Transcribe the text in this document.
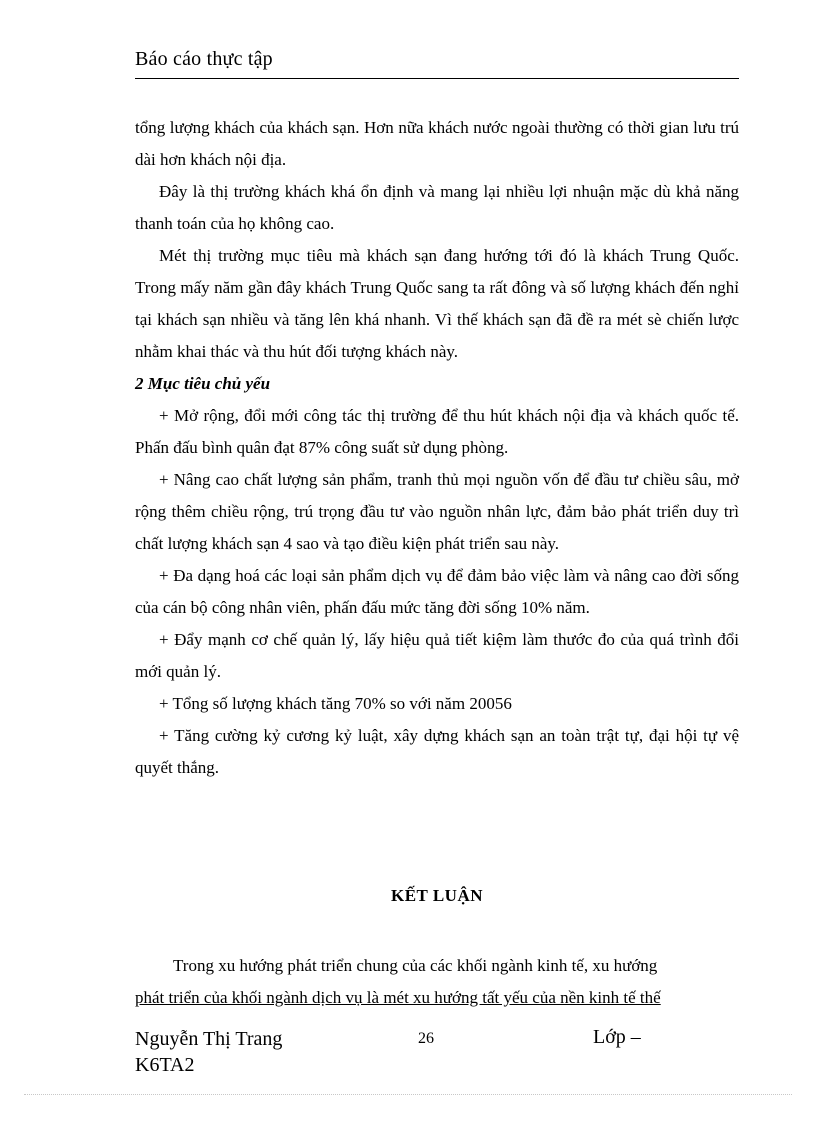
Báo cáo thực tập

tổng lượng khách của khách sạn. Hơn nữa khách nước ngoài thường có thời gian lưu trú dài hơn khách nội địa.

Đây là thị trường khách khá ổn định và mang lại nhiều lợi nhuận mặc dù khả năng thanh toán của họ không cao.

Mét thị trường mục tiêu mà khách sạn đang hướng tới đó là khách Trung Quốc. Trong mấy năm gần đây khách Trung Quốc sang ta rất đông và số lượng khách đến nghỉ tại khách sạn nhiều và tăng lên khá nhanh. Vì thế khách sạn đã đề ra mét sè chiến lược nhằm khai thác và thu hút đối tượng khách này.

2 Mục tiêu chủ yếu

+ Mở rộng, đổi mới công tác thị trường để thu hút khách nội địa và khách quốc tế. Phấn đấu bình quân đạt 87% công suất sử dụng phòng.

+ Nâng cao chất lượng sản phẩm, tranh thủ mọi nguồn vốn để đầu tư chiều sâu, mở rộng thêm chiều rộng, trú trọng đầu tư vào nguồn nhân lực, đảm bảo phát triển duy trì chất lượng khách sạn 4 sao và tạo điều kiện phát triển sau này.

+ Đa dạng hoá các loại sản phẩm dịch vụ để đảm bảo việc làm và nâng cao đời sống của cán bộ công nhân viên, phấn đấu mức tăng đời sống 10% năm.

+ Đẩy mạnh cơ chế quản lý, lấy hiệu quả tiết kiệm làm thước đo của quá trình đổi mới quản lý.

+ Tổng số lượng khách tăng 70% so với năm 20056

+ Tăng cường kỷ cương kỷ luật, xây dựng khách sạn an toàn trật tự, đại hội tự vệ quyết thắng.

KẾT LUẬN

Trong xu hướng phát triển chung của các khối ngành kinh tế, xu hướng

phát triển của khối ngành dịch vụ là mét xu hướng tất yếu của nền kinh tế thế
Nguyễn Thị Trang
K6TA2
26	Lớp –
